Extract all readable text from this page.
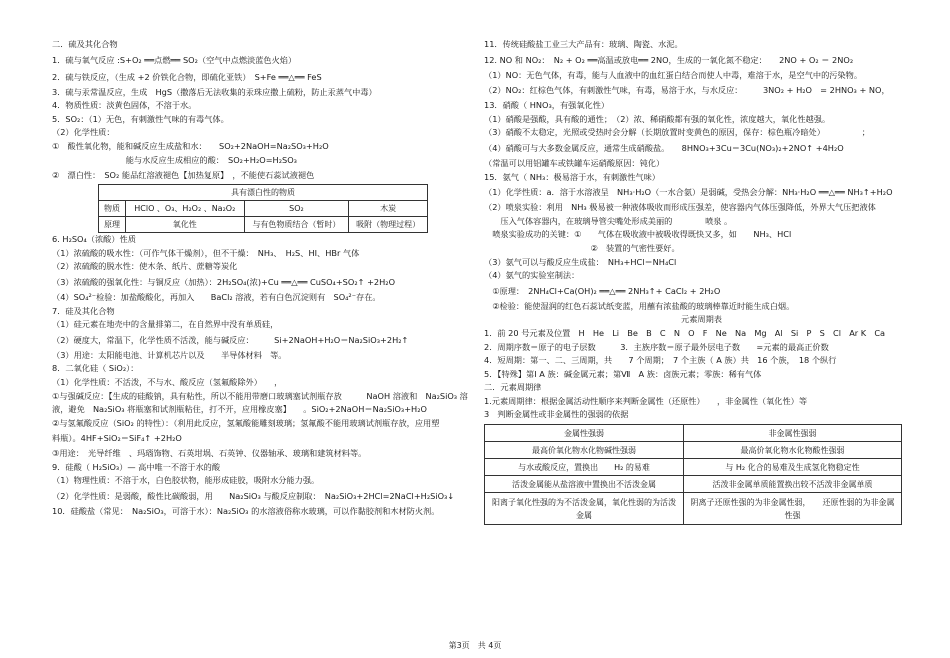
二．硫及其化合物
1．硫与氧气反应 :S+O₂ ══点燃══ SO₂（空气中点燃淡蓝色火焰）
2．硫与铁反应，（生成 +2 价铁化合物，即硫化亚铁）　S+Fe ══△══ FeS
3．硫与汞常温反应，生成　HgS（撒落后无法收集的汞珠应撒上硫粉，防止汞蒸气中毒）
4．物质性质：淡黄色固体，不溶于水。
5．SO₂：（1）无色，有刺激性气味的有毒气体。
（2）化学性质：
①　酸性氧化物，能和碱反应生成盐和水：　　SO₂+2NaOH=Na₂SO₃+H₂O
　　　　　　　　　能与水反应生成相应的酸：　SO₂+H₂O=H₂SO₃
②　漂白性：　SO₂ 能品红溶液褪色【加热复原】　，不能使石蕊试液褪色
具有漂白性的物质			
物质	HClO 、O₃、H₂O₂ 、Na₂O₂	SO₂	木炭
原理	氧化性	与有色物质结合（暂时）	吸附（物理过程）
6. H₂SO₄（浓酸）性质
（1）浓硫酸的吸水性：（可作气体干燥剂），但不干燥：　NH₃、　H₂S、HI、HBr 气体
（2）浓硫酸的脱水性：使木条、纸片、蔗糖等炭化
（3）浓硫酸的强氧化性：与铜反应（加热）：2H₂SO₄(浓)+Cu ══△══ CuSO₄+SO₂↑ +2H₂O
（4）SO₄²⁻检验：加盐酸酸化，再加入　　BaCl₂ 溶液，若有白色沉淀则有　SO₄²⁻存在。
7．硅及其化合物
（1）硅元素在地壳中的含量排第二，在自然界中没有单质硅，
（2）硬度大，常温下，化学性质不活泼，能与碱反应：　　　Si+2NaOH+H₂O＝Na₂SiO₃+2H₂↑
（3）用途：太阳能电池、计算机芯片以及　　半导体材料　等。
8．二氧化硅（ SiO₂）：
（1）化学性质：不活泼，不与水、酸反应（氢氟酸除外）　　，
①与强碱反应：【生成的硅酸钠，具有粘性，所以不能用带磨口玻璃塞试剂瓶存放　　　NaOH 溶液和　Na₂SiO₃ 溶
液，避免　Na₂SiO₃ 将瓶塞和试剂瓶粘住，打不开，应用橡皮塞】　　。SiO₂+2NaOH＝Na₂SiO₃+H₂O
②与氢氟酸反应（SiO₂ 的特性）：（利用此反应，氢氟酸能雕刻玻璃；氢氟酸不能用玻璃试剂瓶存放，应用塑
料瓶）。4HF+SiO₂＝SiF₄↑ +2H₂O
③用途：　光导纤维　、玛瑙饰物、石英坩埚、石英钟、仪器轴承、玻璃和建筑材料等。
9．硅酸（ H₂SiO₃）— 高中唯一不溶于水的酸
（1）物理性质：不溶于水，白色胶状物，能形成硅胶，吸附水分能力强。
（2）化学性质：是弱酸，酸性比碳酸弱，用　　Na₂SiO₃ 与酸反应制取：　Na₂SiO₃+2HCl=2NaCl+H₂SiO₃↓
10．硅酸盐（常见：　Na₂SiO₃，可溶于水）：Na₂SiO₃ 的水溶液俗称水玻璃，可以作黏胶剂和木材防火剂。
11．传统硅酸盐工业三大产品有：玻璃、陶瓷、水泥。
12. NO 和 NO₂：　N₂ + O₂ ══高温或放电══ 2NO，生成的一氧化氮不稳定：　　2NO + O₂ ＝ 2NO₂
（1）NO：无色气体，有毒，能与人血液中的血红蛋白结合而使人中毒，难溶于水，是空气中的污染物。
（2）NO₂：红棕色气体，有刺激性气味，有毒，易溶于水，与水反应：　　　3NO₂ + H₂O　= 2HNO₃ + NO，
13．硝酸（ HNO₃，有强氧化性）
（1）硝酸是强酸，具有酸的通性；　（2）浓、稀硝酸都有强的氧化性，浓度越大，氧化性越强。
（3）硝酸不太稳定，光照或受热时会分解（长期放置时变黄色的原因，保存：棕色瓶冷暗处）　　　　　；
（4）硝酸可与大多数金属反应，通常生成硝酸盐。　　8HNO₃+3Cu＝3Cu(NO₃)₂+2NO↑ +4H₂O
（常温可以用铝罐车或铁罐车运硝酸原因：钝化）
15．氨气（ NH₃：极易溶于水，有刺激性气味）
（1）化学性质：a．溶于水溶液呈　NH₃·H₂O（一水合氨）是弱碱，受热会分解：NH₃·H₂O ══△══ NH₃↑+H₂O
（2）喷泉实验：利用　NH₃ 极易被一种液体吸收而形成压强差，使容器内气体压强降低，外界大气压把液体
　　压入气体容器内，在玻璃导管尖嘴处形成美丽的　　　　喷泉 。
　喷泉实验成功的关键：①　　气体在吸收液中被吸收得既快又多，如　　NH₃、HCl
　　　　　　　　　　　　　②　装置的气密性要好。
（3）氨气可以与酸反应生成盐：　NH₃+HCl＝NH₄Cl
（4）氨气的实验室制法：
　①原理：　2NH₄Cl+Ca(OH)₂ ══△══ 2NH₃↑+ CaCl₂ + 2H₂O
　②检验：能使湿润的红色石蕊试纸变蓝，用蘸有浓盐酸的玻璃棒靠近时能生成白烟。
元素周期表
1．前 20 号元素及位置　H　He　Li　Be　B　C　N　O　F　Ne　Na　Mg　Al　Si　P　S　Cl　Ar K　Ca
2．周期序数＝原子的电子层数　　　3．主族序数＝原子最外层电子数　　=元素的最高正价数
4．短周期：第一、二、三周期，共　　7 个周期；　7 个主族（ A 族）共　16 个族，　18 个纵行
5．【特殊】第Ⅰ A 族：碱金属元素；第Ⅶ　A 族：卤族元素；零族：稀有气体
二．元素周期律
1.元素周期律：根据金属活动性顺序来判断金属性（还原性）　　，非金属性（氧化性）等
3　判断金属性或非金属性的强弱的依据
金属性强弱	非金属性强弱
最高价氧化物水化物碱性强弱	最高价氧化物水化物酸性强弱
与水或酸反应，置换出　　H₂ 的易难	与 H₂ 化合的易难及生成氢化物稳定性
活泼金属能从盐溶液中置换出不活泼金属	活泼非金属单质能置换出较不活泼非金属单质
阳离子氧化性强的为不活泼金属，氧化性弱的为活泼金属	阴离子还原性强的为非金属性弱，　　还原性弱的为非金属性强
第3页　共 4页
